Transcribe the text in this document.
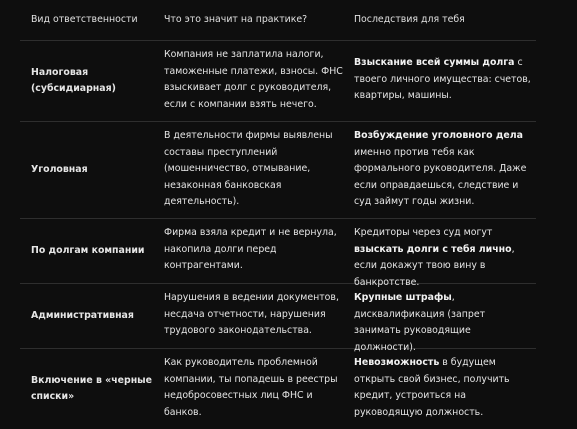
Вид ответственности	Что это значит на практике?	Последствия для тебя
Налоговая (субсидиарная)
Компания не заплатила налоги, таможенные платежи, взносы. ФНС взыскивает долг с руководителя, если с компании взять нечего.
Взыскание всей суммы долга с твоего личного имущества: счетов, квартиры, машины.
Уголовная
В деятельности фирмы выявлены составы преступлений (мошенничество, отмывание, незаконная банковская деятельность).
Возбуждение уголовного дела именно против тебя как формального руководителя. Даже если оправдаешься, следствие и суд займут годы жизни.
По долгам компании
Фирма взяла кредит и не вернула, накопила долги перед контрагентами.
Кредиторы через суд могут взыскать долги с тебя лично, если докажут твою вину в банкротстве.
Административная
Нарушения в ведении документов, несдача отчетности, нарушения трудового законодательства.
Крупные штрафы, дисквалификация (запрет занимать руководящие должности).
Включение в «черные списки»
Как руководитель проблемной компании, ты попадешь в реестры недобросовестных лиц ФНС и банков.
Невозможность в будущем открыть свой бизнес, получить кредит, устроиться на руководящую должность.
